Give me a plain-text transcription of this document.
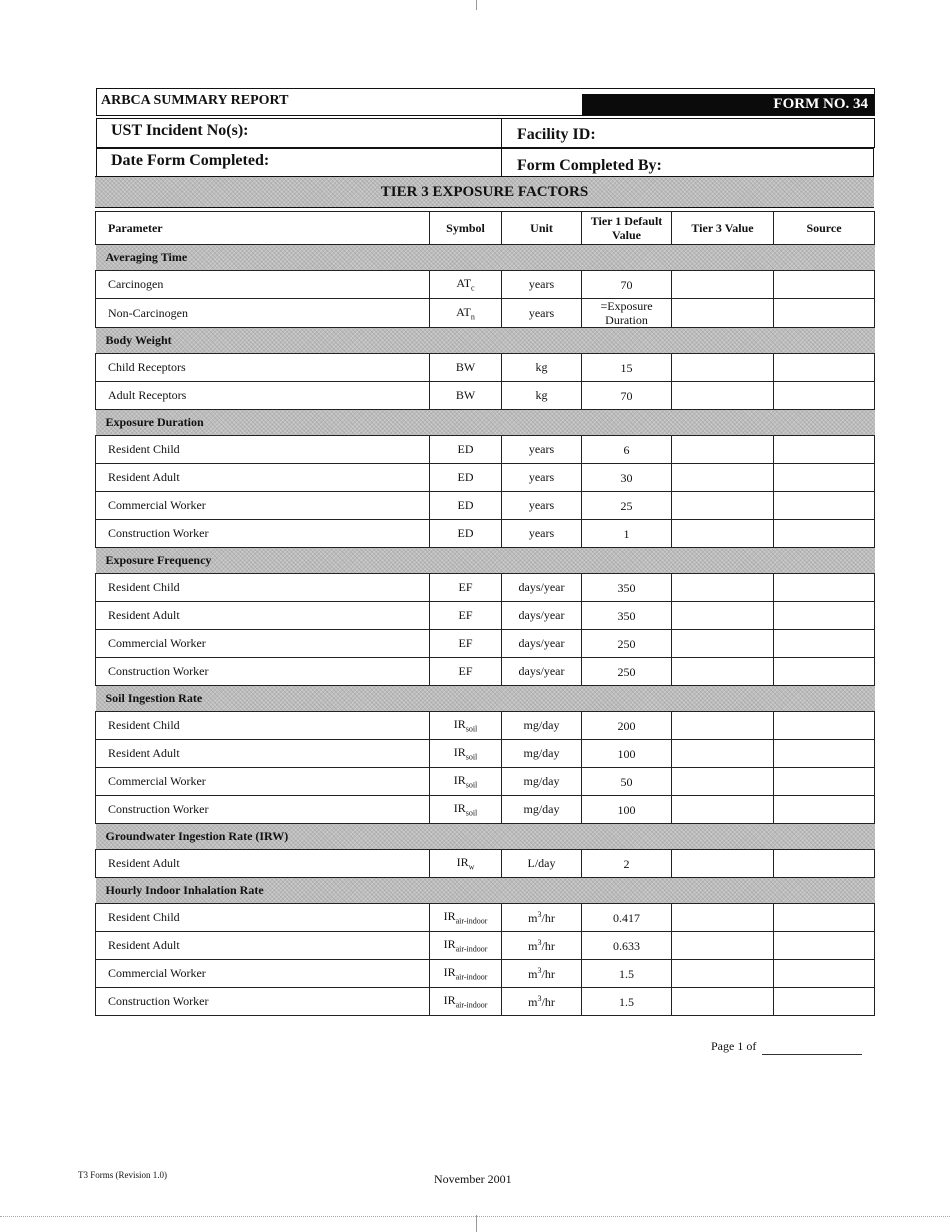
ARBCA SUMMARY REPORT	FORM NO. 34
UST Incident No(s):	Facility ID:
Date Form Completed:	Form Completed By:
TIER 3 EXPOSURE FACTORS
Parameter	Symbol	Unit	Tier 1 Default Value	Tier 3 Value	Source
Averaging Time					
Carcinogen	$AT_c$	years	70		
Non-Carcinogen	$AT_n$	years	=Exposure Duration		
Body Weight					
Child Receptors	BW	kg	15		
Adult Receptors	BW	kg	70		
Exposure Duration					
Resident Child	ED	years	6		
Resident Adult	ED	years	30		
Commercial Worker	ED	years	25		
Construction Worker	ED	years	1		
Exposure Frequency					
Resident Child	EF	days/year	350		
Resident Adult	EF	days/year	350		
Commercial Worker	EF	days/year	250		
Construction Worker	EF	days/year	250		
Soil Ingestion Rate					
Resident Child	$IR_{soil}$	mg/day	200		
Resident Adult	$IR_{soil}$	mg/day	100		
Commercial Worker	$IR_{soil}$	mg/day	50		
Construction Worker	$IR_{soil}$	mg/day	100		
Groundwater Ingestion Rate (IRW)					
Resident Adult	$IR_w$	L/day	2		
Hourly Indoor Inhalation Rate					
Resident Child	$IR_{air-indoor}$	$m^3/hr$	0.417		
Resident Adult	$IR_{air-indoor}$	$m^3/hr$	0.633		
Commercial Worker	$IR_{air-indoor}$	$m^3/hr$	1.5		
Construction Worker	$IR_{air-indoor}$	$m^3/hr$	1.5		
Page 1 of
T3 Forms (Revision 1.0)	November 2001
